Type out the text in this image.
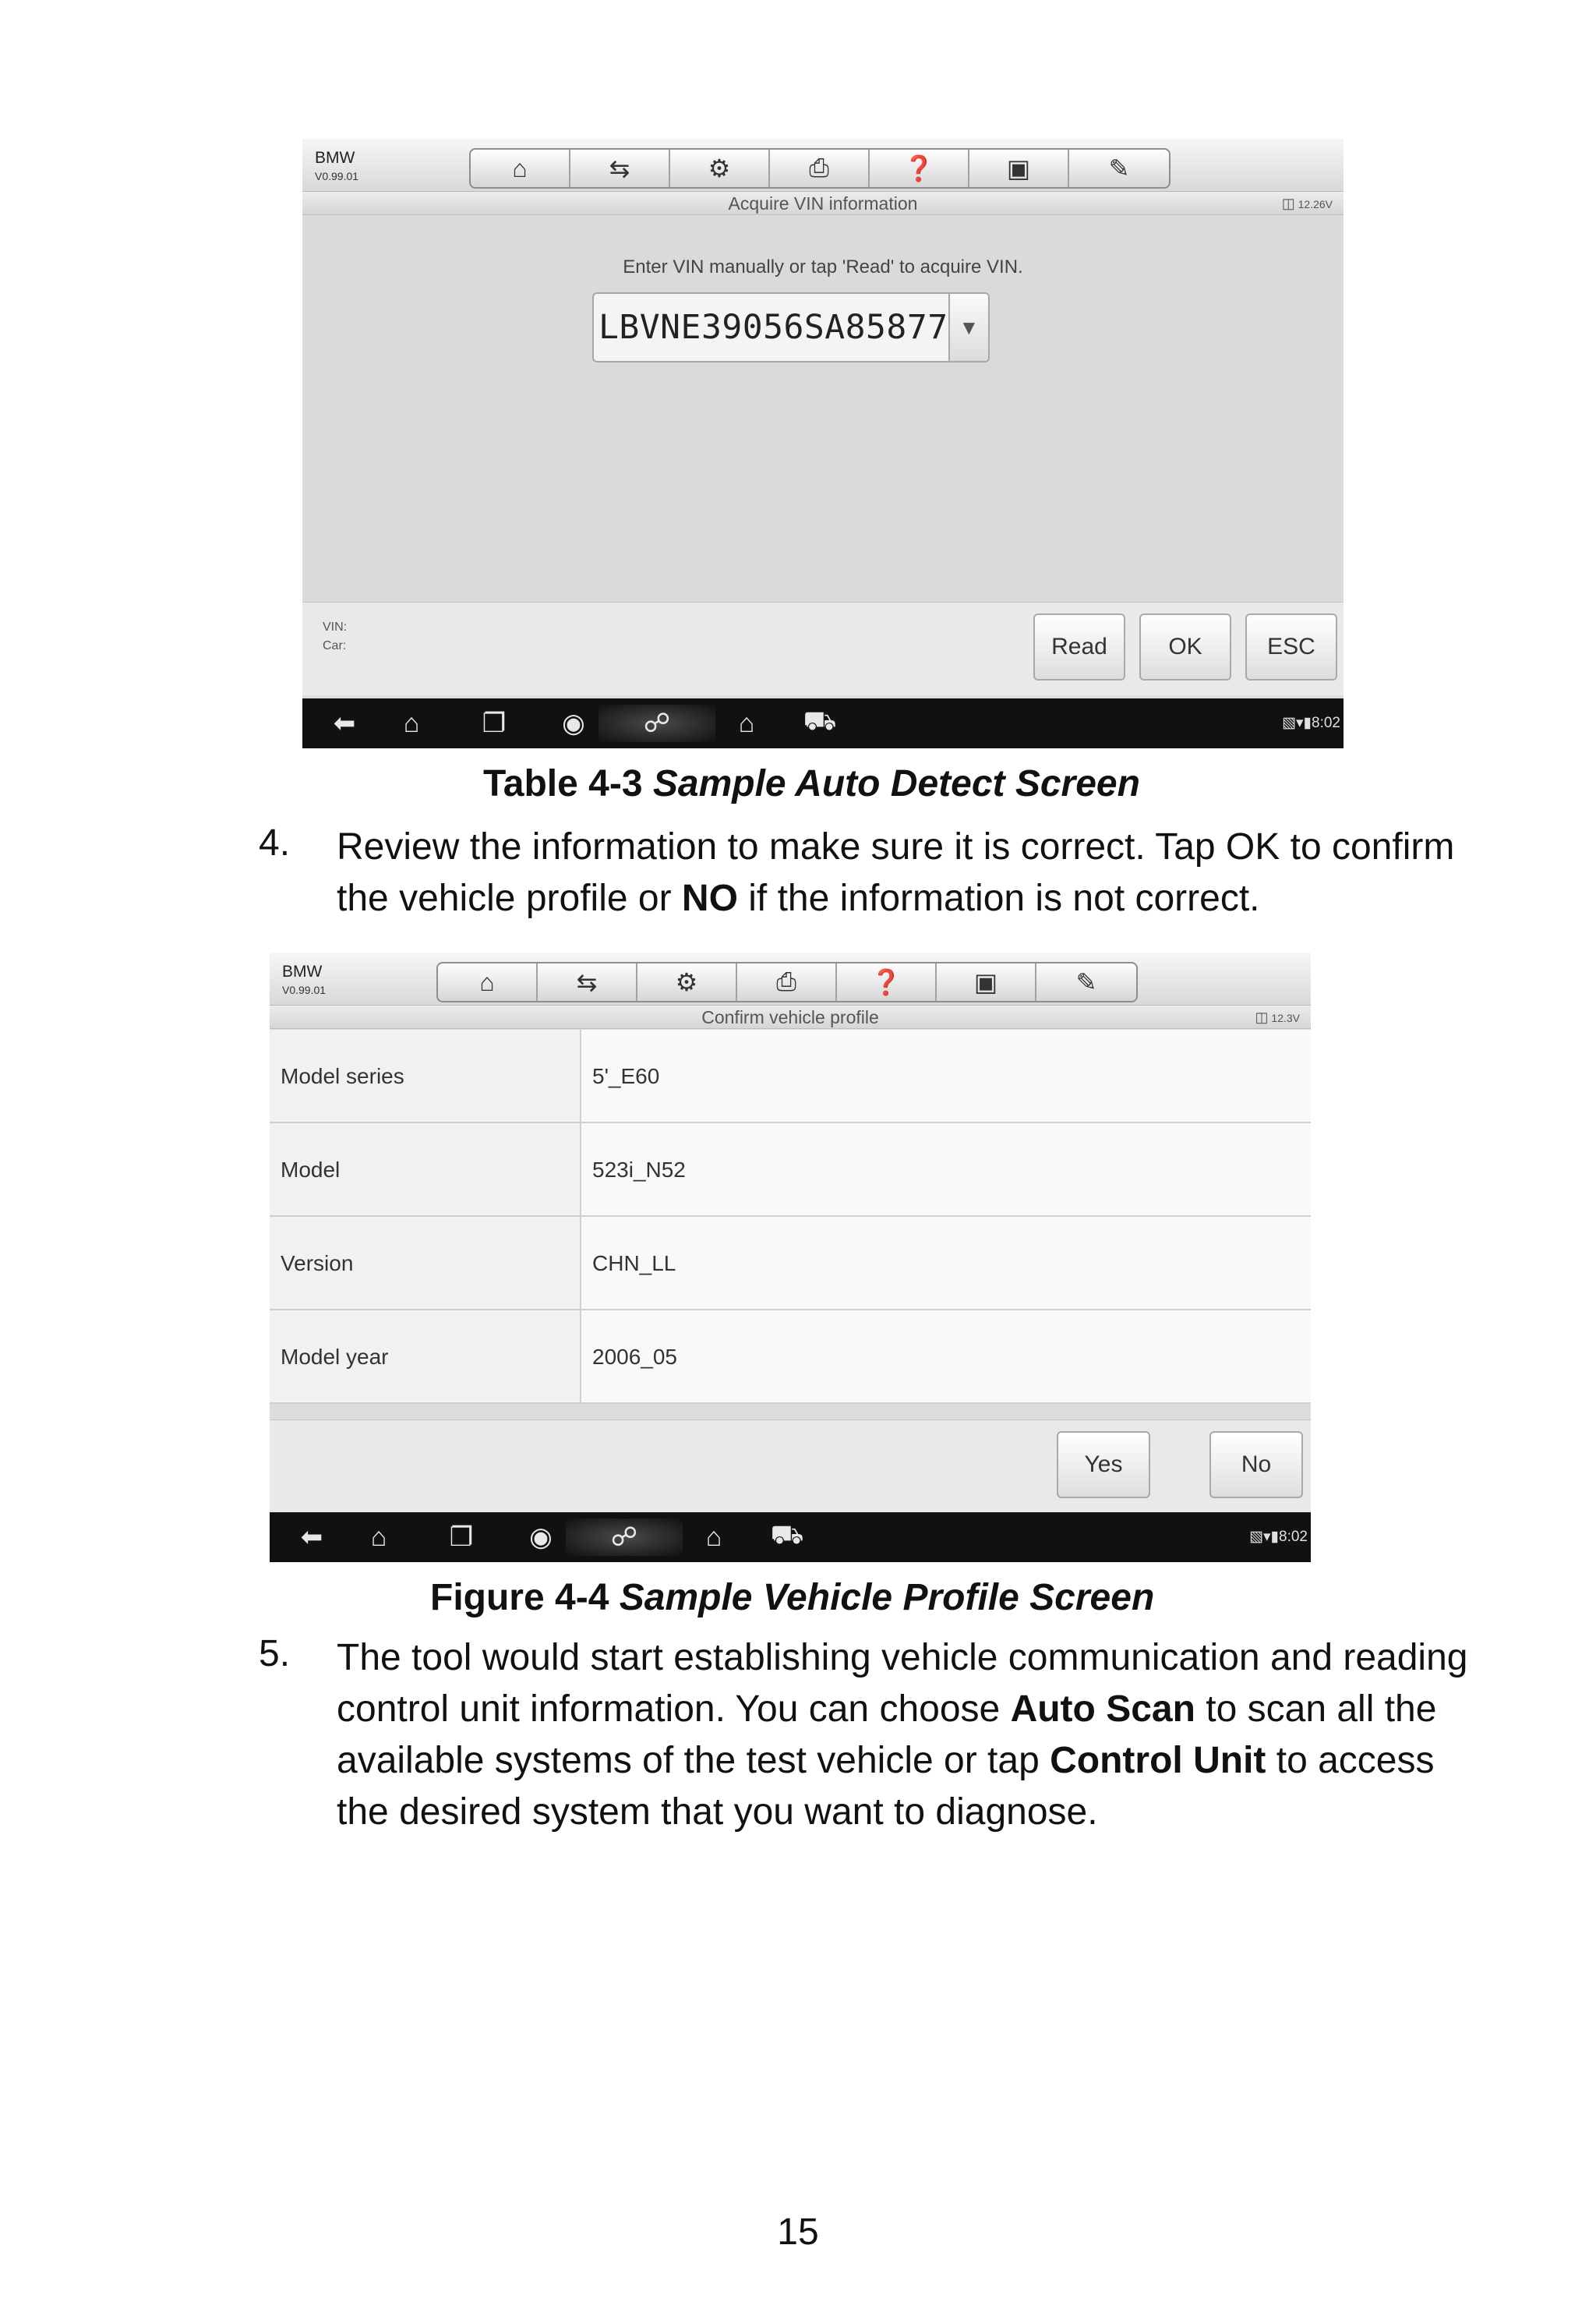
BMW
V0.99.01	⌂	⇆	⚙	⎙	❓	▣	✎
Acquire VIN information	◫ 12.26V
Enter VIN manually or tap 'Read' to acquire VIN.
LBVNE39056SA85877 ▼
VIN:
Car:	Read	OK	ESC
⬅	⌂	❐	◉	☍	⌂	⛟	▧▾▮8:02
Table 4-3 Sample Auto Detect Screen
4. Review the information to make sure it is correct. Tap OK to confirm
the vehicle profile or NO if the information is not correct.
BMW
V0.99.01	⌂	⇆	⚙	⎙	❓	▣	✎
Confirm vehicle profile	◫ 12.3V
Model series	5'_E60
Model	523i_N52
Version	CHN_LL
Model year	2006_05
Yes	No
⬅	⌂	❐	◉	☍	⌂	⛟	▧▾▮8:02
Figure 4-4 Sample Vehicle Profile Screen
5. The tool would start establishing vehicle communication and reading
control unit information. You can choose Auto Scan to scan all the
available systems of the test vehicle or tap Control Unit to access
the desired system that you want to diagnose.
15
